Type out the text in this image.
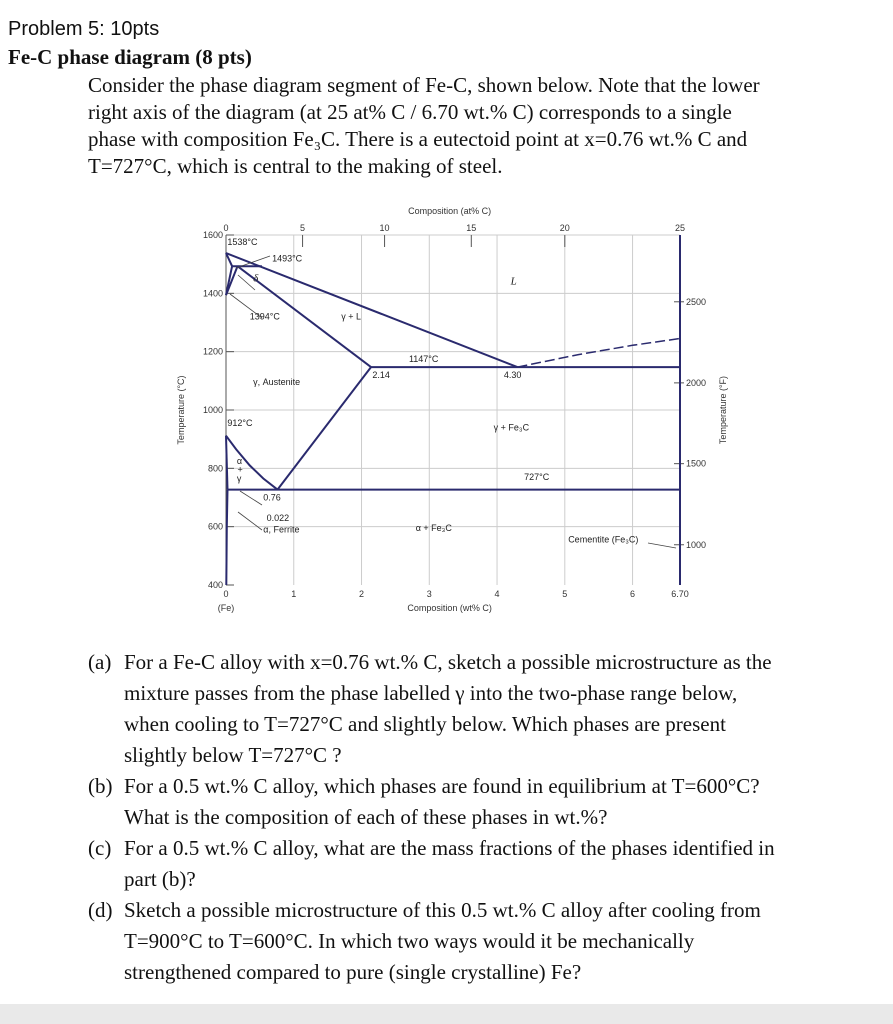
Problem 5: 10pts
Fe-C phase diagram (8 pts)
Consider the phase diagram segment of Fe-C, shown below. Note that the lower
right axis of the diagram (at 25 at% C / 6.70 wt.% C) corresponds to a single
phase with composition Fe₃C. There is a eutectoid point at x=0.76 wt.% C and
T=727°C, which is central to the making of steel.
0	1	2	3	4	5	6	6.70
(Fe)	Composition (wt% C)
400
600
800
1000
1200
1400
1600
Temperature (°C)
0	5	10	15	20	25
Composition (at% C)
1000
1500
2000
2500
Temperature (°F)
1538°C
1493°C
δ
1394°C	γ + L
L
1147°C
2.14	4.30
γ, Austenite
912°C	γ + Fe₃C
α
+
γ	727°C
0.76
0.022
α, Ferrite	α + Fe₃C
Cementite (Fe₃C)
(a) For a Fe-C alloy with x=0.76 wt.% C, sketch a possible microstructure as the
mixture passes from the phase labelled γ into the two-phase range below,
when cooling to T=727°C and slightly below. Which phases are present
slightly below T=727°C ?
(b) For a 0.5 wt.% C alloy, which phases are found in equilibrium at T=600°C?
What is the composition of each of these phases in wt.%?
(c) For a 0.5 wt.% C alloy, what are the mass fractions of the phases identified in
part (b)?
(d) Sketch a possible microstructure of this 0.5 wt.% C alloy after cooling from
T=900°C to T=600°C. In which two ways would it be mechanically
strengthened compared to pure (single crystalline) Fe?
